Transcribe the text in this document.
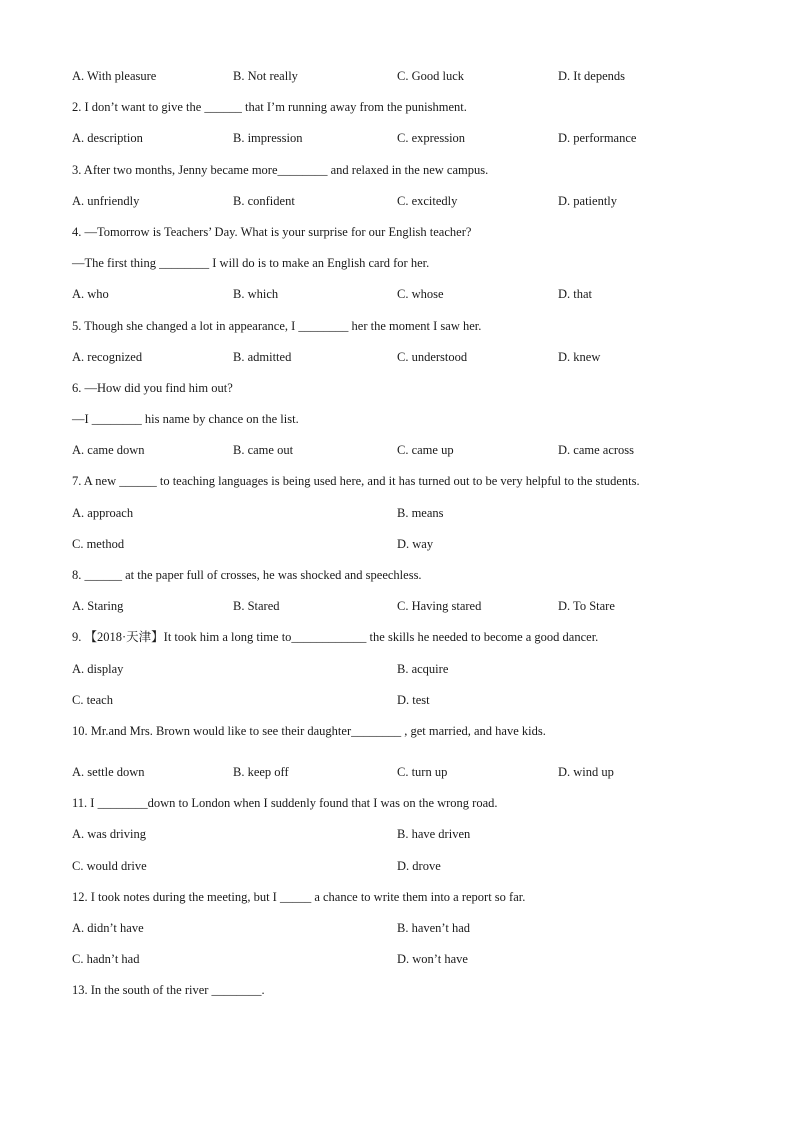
A. With pleasure	B. Not really	C. Good luck	D. It depends
2. I don’t want to give the ______ that I’m running away from the punishment.
A. description	B. impression	C. expression	D. performance
3. After two months, Jenny became more________ and relaxed in the new campus.
A. unfriendly	B. confident	C. excitedly	D. patiently
4. —Tomorrow is Teachers’ Day. What is your surprise for our English teacher?
—The first thing ________ I will do is to make an English card for her.
A. who	B. which	C. whose	D. that
5. Though she changed a lot in appearance, I ________ her the moment I saw her.
A. recognized	B. admitted	C. understood	D. knew
6. —How did you find him out?
—I ________ his name by chance on the list.
A. came down	B. came out	C. came up	D. came across
7. A new ______ to teaching languages is being used here, and it has turned out to be very helpful to the students.
A. approach	B. means
C. method	D. way
8. ______ at the paper full of crosses, he was shocked and speechless.
A. Staring	B. Stared	C. Having stared	D. To Stare
9. 【2018·天津】It took him a long time to____________ the skills he needed to become a good dancer.
A. display	B. acquire
C. teach	D. test
10. Mr.and Mrs. Brown would like to see their daughter________ , get married, and have kids.
A. settle down	B. keep off	C. turn up	D. wind up
11. I ________down to London when I suddenly found that I was on the wrong road.
A. was driving	B. have driven
C. would drive	D. drove
12. I took notes during the meeting, but I _____ a chance to write them into a report so far.
A. didn’t have	B. haven’t had
C. hadn’t had	D. won’t have
13. In the south of the river ________.
